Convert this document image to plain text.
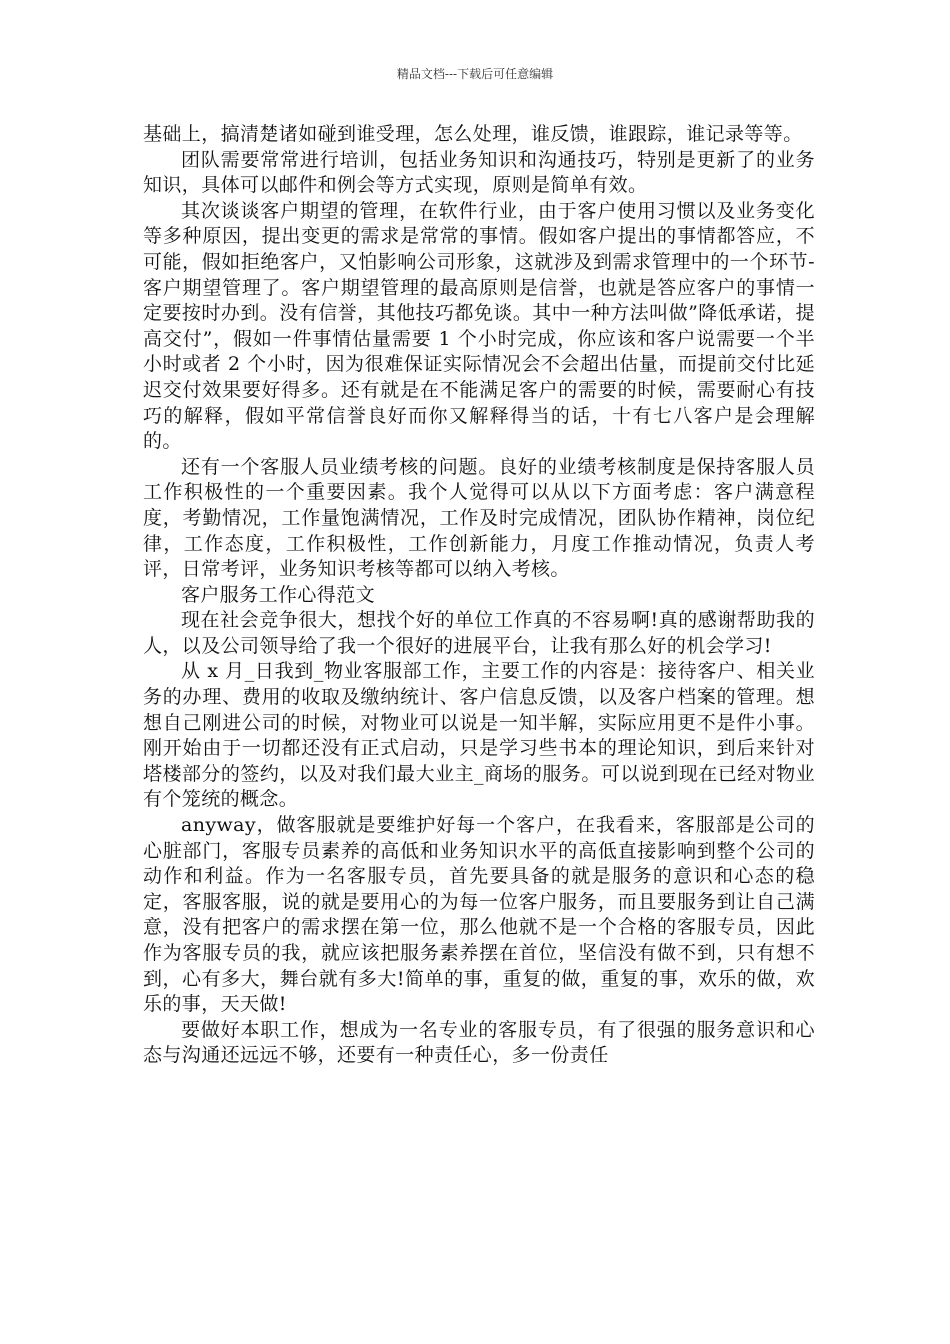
精品文档---下载后可任意编辑

基础上，搞清楚诸如碰到谁受理，怎么处理，谁反馈，谁跟踪，谁记录等等。

团队需要常常进行培训，包括业务知识和沟通技巧，特别是更新了的业务知识，具体可以邮件和例会等方式实现，原则是简单有效。

其次谈谈客户期望的管理，在软件行业，由于客户使用习惯以及业务变化等多种原因，提出变更的需求是常常的事情。假如客户提出的事情都答应，不可能，假如拒绝客户，又怕影响公司形象，这就涉及到需求管理中的一个环节-客户期望管理了。客户期望管理的最高原则是信誉，也就是答应客户的事情一定要按时办到。没有信誉，其他技巧都免谈。其中一种方法叫做”降低承诺，提高交付”，假如一件事情估量需要 1 个小时完成，你应该和客户说需要一个半小时或者 2 个小时，因为很难保证实际情况会不会超出估量，而提前交付比延迟交付效果要好得多。还有就是在不能满足客户的需要的时候，需要耐心有技巧的解释，假如平常信誉良好而你又解释得当的话，十有七八客户是会理解的。

还有一个客服人员业绩考核的问题。良好的业绩考核制度是保持客服人员工作积极性的一个重要因素。我个人觉得可以从以下方面考虑：客户满意程度，考勤情况，工作量饱满情况，工作及时完成情况，团队协作精神，岗位纪律，工作态度，工作积极性，工作创新能力，月度工作推动情况，负责人考评，日常考评，业务知识考核等都可以纳入考核。

客户服务工作心得范文

现在社会竞争很大，想找个好的单位工作真的不容易啊!真的感谢帮助我的人，以及公司领导给了我一个很好的进展平台，让我有那么好的机会学习!

从 x 月_日我到_物业客服部工作，主要工作的内容是：接待客户、相关业务的办理、费用的收取及缴纳统计、客户信息反馈，以及客户档案的管理。想想自己刚进公司的时候，对物业可以说是一知半解，实际应用更不是件小事。刚开始由于一切都还没有正式启动，只是学习些书本的理论知识，到后来针对塔楼部分的签约，以及对我们最大业主_商场的服务。可以说到现在已经对物业有个笼统的概念。

anyway，做客服就是要维护好每一个客户，在我看来，客服部是公司的心脏部门，客服专员素养的高低和业务知识水平的高低直接影响到整个公司的动作和利益。作为一名客服专员，首先要具备的就是服务的意识和心态的稳定，客服客服，说的就是要用心的为每一位客户服务，而且要服务到让自己满意，没有把客户的需求摆在第一位，那么他就不是一个合格的客服专员，因此作为客服专员的我，就应该把服务素养摆在首位，坚信没有做不到，只有想不到，心有多大，舞台就有多大!简单的事，重复的做，重复的事，欢乐的做，欢乐的事，天天做!

要做好本职工作，想成为一名专业的客服专员，有了很强的服务意识和心态与沟通还远远不够，还要有一种责任心，多一份责任
